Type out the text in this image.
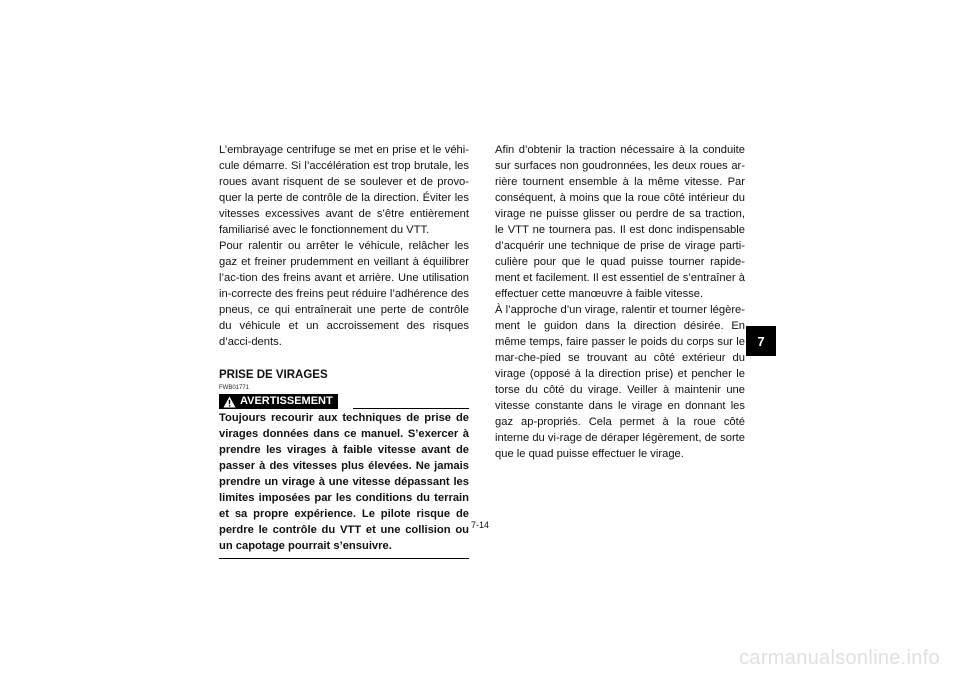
L’embrayage centrifuge se met en prise et le véhi-cule démarre. Si l’accélération est trop brutale, les roues avant risquent de se soulever et de provo-quer la perte de contrôle de la direction. Éviter les vitesses excessives avant de s’être entièrement familiarisé avec le fonctionnement du VTT.

Pour ralentir ou arrêter le véhicule, relâcher les gaz et freiner prudemment en veillant à équilibrer l’ac-tion des freins avant et arrière. Une utilisation in-correcte des freins peut réduire l’adhérence des pneus, ce qui entraînerait une perte de contrôle du véhicule et un accroissement des risques d’acci-dents.

PRISE DE VIRAGES
FWB01771
AVERTISSEMENT

Toujours recourir aux techniques de prise de virages données dans ce manuel. S’exercer à prendre les virages à faible vitesse avant de passer à des vitesses plus élevées. Ne jamais prendre un virage à une vitesse dépassant les limites imposées par les conditions du terrain et sa propre expérience. Le pilote risque de perdre le contrôle du VTT et une collision ou un capotage pourrait s’ensuivre.

Afin d’obtenir la traction nécessaire à la conduite sur surfaces non goudronnées, les deux roues ar-rière tournent ensemble à la même vitesse. Par conséquent, à moins que la roue côté intérieur du virage ne puisse glisser ou perdre de sa traction, le VTT ne tournera pas. Il est donc indispensable d’acquérir une technique de prise de virage parti-culière pour que le quad puisse tourner rapide-ment et facilement. Il est essentiel de s’entraîner à effectuer cette manœuvre à faible vitesse.

À l’approche d’un virage, ralentir et tourner légère-ment le guidon dans la direction désirée. En même temps, faire passer le poids du corps sur le mar-che-pied se trouvant au côté extérieur du virage (opposé à la direction prise) et pencher le torse du côté du virage. Veiller à maintenir une vitesse constante dans le virage en donnant les gaz ap-propriés. Cela permet à la roue côté interne du vi-rage de déraper légèrement, de sorte que le quad puisse effectuer le virage.

7-14
7
carmanualsonline.info
